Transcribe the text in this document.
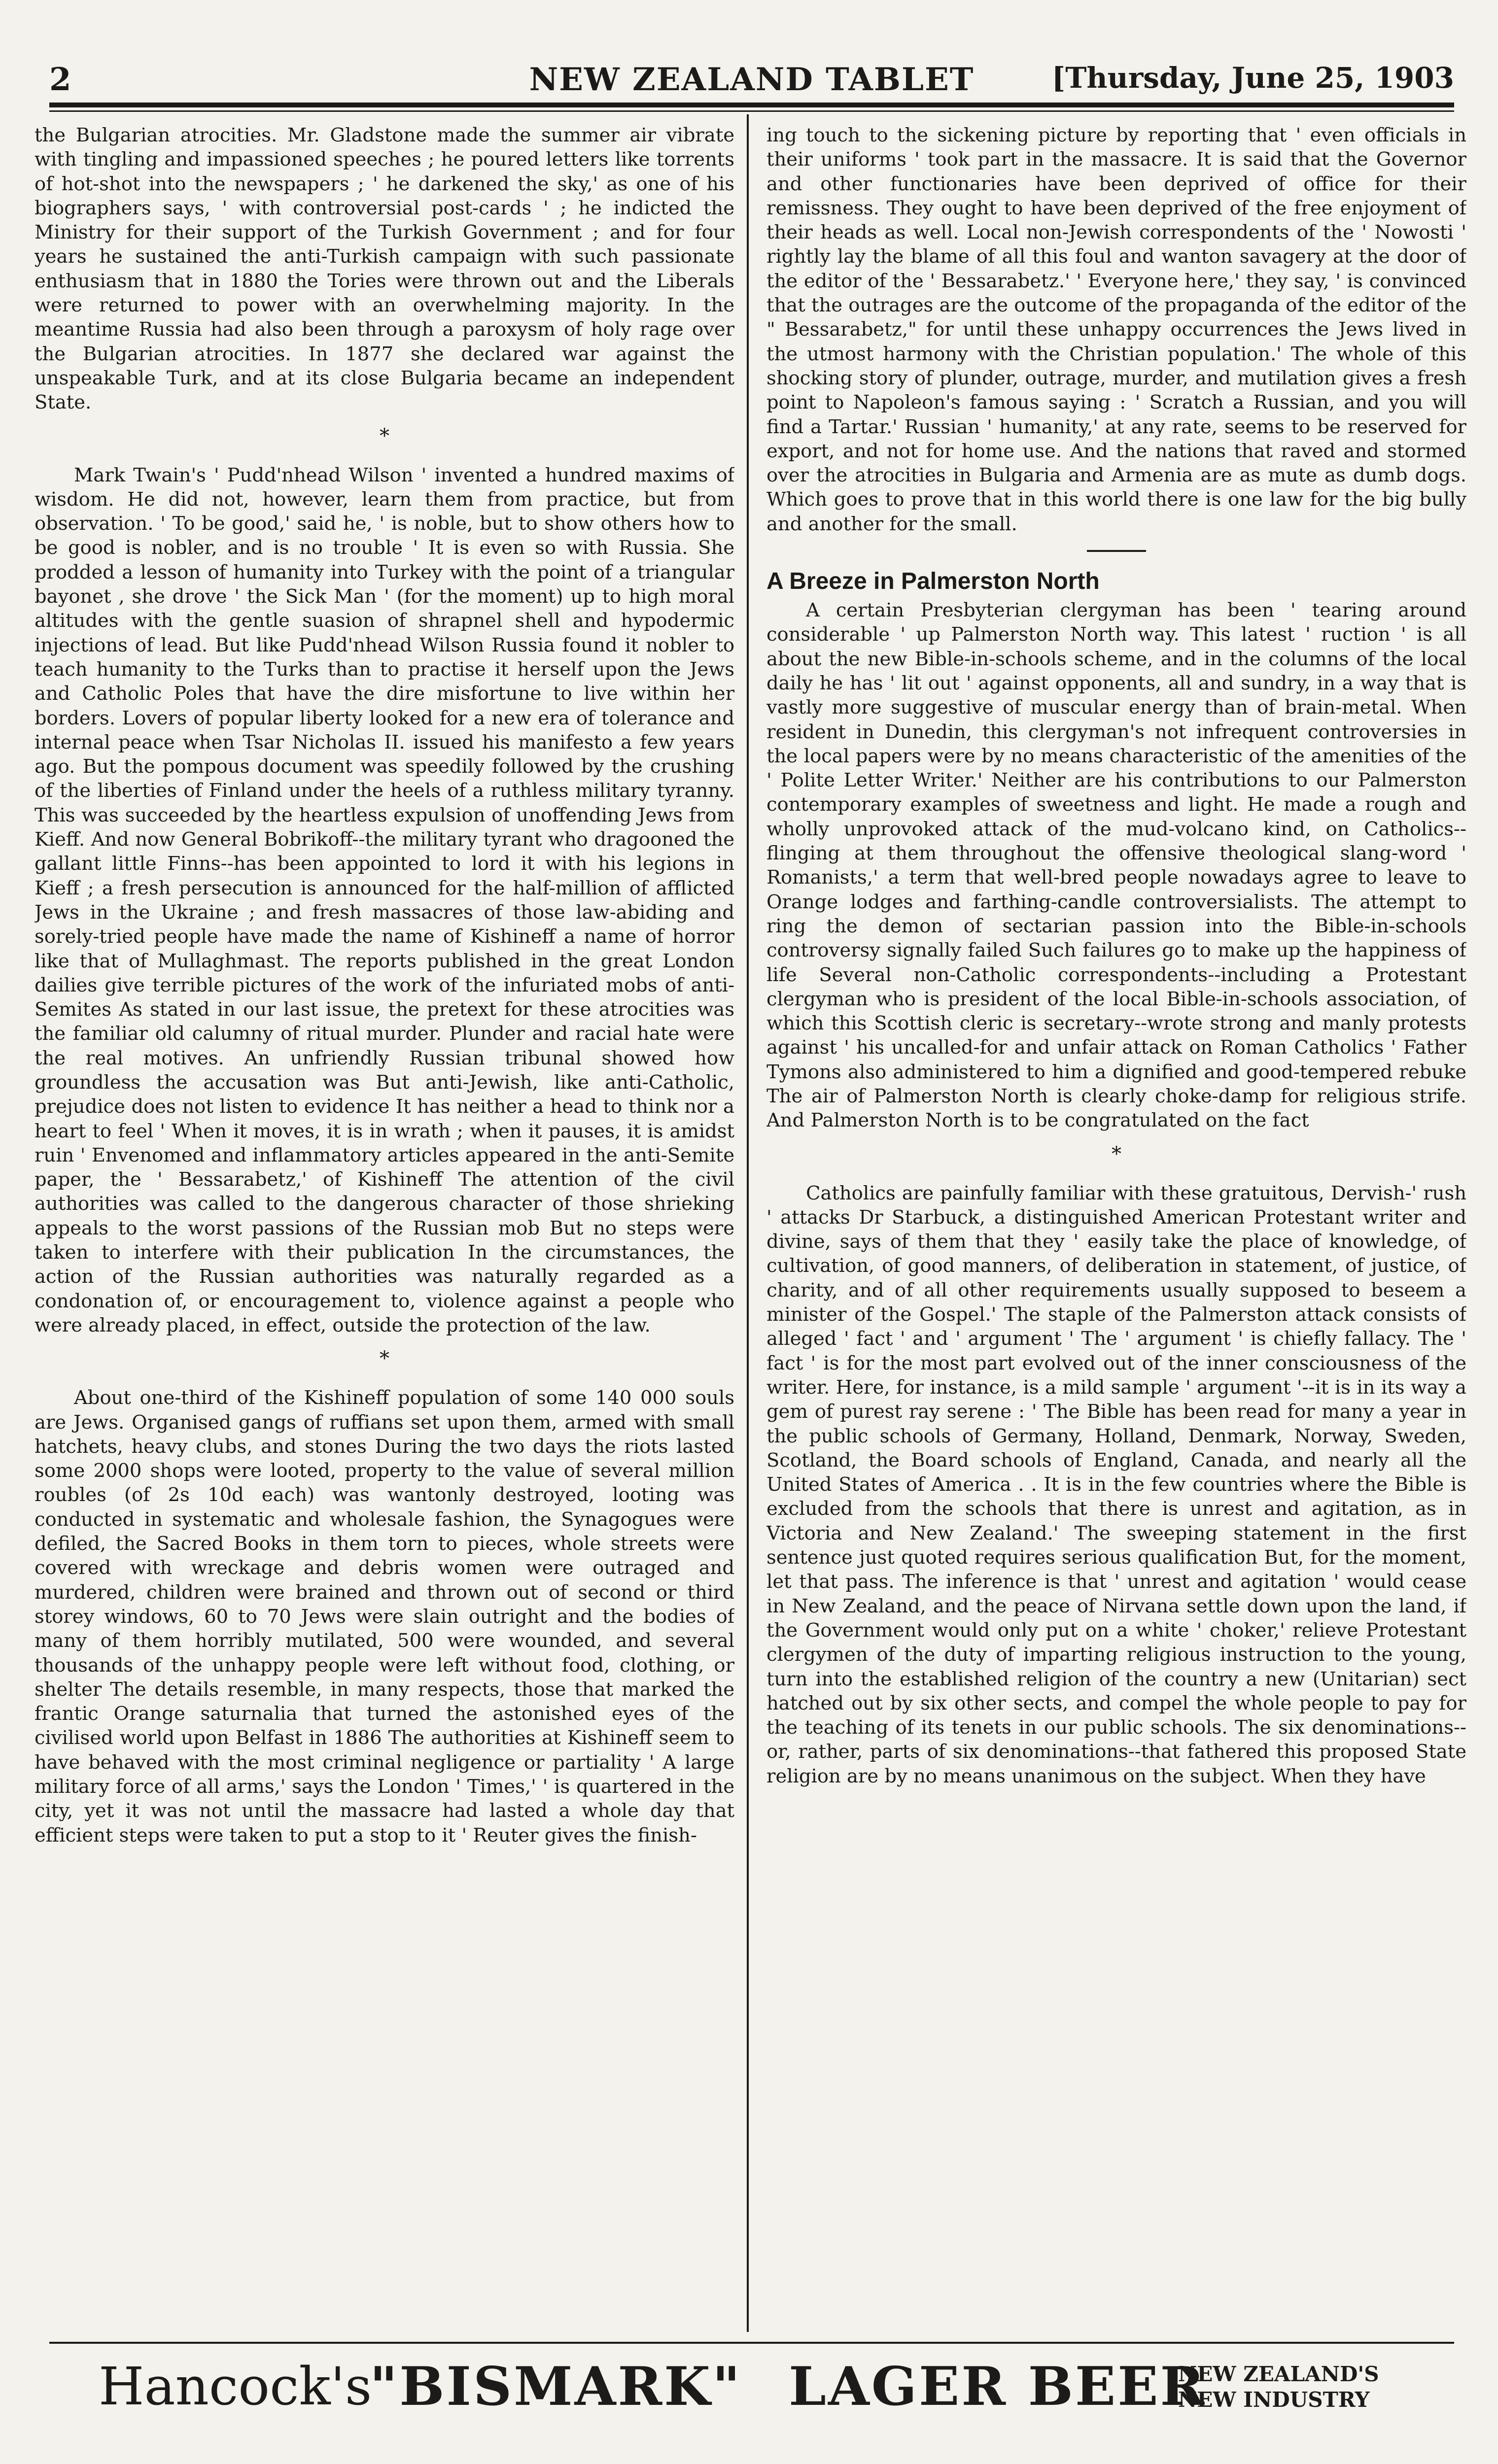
2	NEW ZEALAND TABLET	[Thursday, June 25, 1903

the Bulgarian atrocities. Mr. Gladstone made the summer air vibrate with tingling and impassioned speeches ; he poured letters like torrents of hot-shot into the newspapers ; ' he darkened the sky,' as one of his biographers says, ' with controversial post-cards ' ; he indicted the Ministry for their support of the Turkish Government ; and for four years he sustained the anti-Turkish campaign with such passionate enthusiasm that in 1880 the Tories were thrown out and the Liberals were returned to power with an overwhelming majority. In the meantime Russia had also been through a paroxysm of holy rage over the Bulgarian atrocities. In 1877 she declared war against the unspeakable Turk, and at its close Bulgaria became an independent State.

*

Mark Twain's ' Pudd'nhead Wilson ' invented a hundred maxims of wisdom. He did not, however, learn them from practice, but from observation. ' To be good,' said he, ' is noble, but to show others how to be good is nobler, and is no trouble ' It is even so with Russia. She prodded a lesson of humanity into Turkey with the point of a triangular bayonet , she drove ' the Sick Man ' (for the moment) up to high moral altitudes with the gentle suasion of shrapnel shell and hypodermic injections of lead. But like Pudd'nhead Wilson Russia found it nobler to teach humanity to the Turks than to practise it herself upon the Jews and Catholic Poles that have the dire misfortune to live within her borders. Lovers of popular liberty looked for a new era of tolerance and internal peace when Tsar Nicholas II. issued his manifesto a few years ago. But the pompous document was speedily followed by the crushing of the liberties of Finland under the heels of a ruthless military tyranny. This was succeeded by the heartless expulsion of unoffending Jews from Kieff. And now General Bobrikoff--the military tyrant who dragooned the gallant little Finns--has been appointed to lord it with his legions in Kieff ; a fresh persecution is announced for the half-million of afflicted Jews in the Ukraine ; and fresh massacres of those law-abiding and sorely-tried people have made the name of Kishineff a name of horror like that of Mullaghmast. The reports published in the great London dailies give terrible pictures of the work of the infuriated mobs of anti-Semites As stated in our last issue, the pretext for these atrocities was the familiar old calumny of ritual murder. Plunder and racial hate were the real motives. An unfriendly Russian tribunal showed how groundless the accusation was But anti-Jewish, like anti-Catholic, prejudice does not listen to evidence It has neither a head to think nor a heart to feel ' When it moves, it is in wrath ; when it pauses, it is amidst ruin ' Envenomed and inflammatory articles appeared in the anti-Semite paper, the ' Bessarabetz,' of Kishineff The attention of the civil authorities was called to the dangerous character of those shrieking appeals to the worst passions of the Russian mob But no steps were taken to interfere with their publication In the circumstances, the action of the Russian authorities was naturally regarded as a condonation of, or encouragement to, violence against a people who were already placed, in effect, outside the protection of the law.

*

About one-third of the Kishineff population of some 140 000 souls are Jews. Organised gangs of ruffians set upon them, armed with small hatchets, heavy clubs, and stones During the two days the riots lasted some 2000 shops were looted, property to the value of several million roubles (of 2s 10d each) was wantonly destroyed, looting was conducted in systematic and wholesale fashion, the Synagogues were defiled, the Sacred Books in them torn to pieces, whole streets were covered with wreckage and debris women were outraged and murdered, children were brained and thrown out of second or third storey windows, 60 to 70 Jews were slain outright and the bodies of many of them horribly mutilated, 500 were wounded, and several thousands of the unhappy people were left without food, clothing, or shelter The details resemble, in many respects, those that marked the frantic Orange saturnalia that turned the astonished eyes of the civilised world upon Belfast in 1886 The authorities at Kishineff seem to have behaved with the most criminal negligence or partiality ' A large military force of all arms,' says the London ' Times,' ' is quartered in the city, yet it was not until the massacre had lasted a whole day that efficient steps were taken to put a stop to it ' Reuter gives the finish-

ing touch to the sickening picture by reporting that ' even officials in their uniforms ' took part in the massacre. It is said that the Governor and other functionaries have been deprived of office for their remissness. They ought to have been deprived of the free enjoyment of their heads as well. Local non-Jewish correspondents of the ' Nowosti ' rightly lay the blame of all this foul and wanton savagery at the door of the editor of the ' Bessarabetz.' ' Everyone here,' they say, ' is convinced that the outrages are the outcome of the propaganda of the editor of the " Bessarabetz," for until these unhappy occurrences the Jews lived in the utmost harmony with the Christian population.' The whole of this shocking story of plunder, outrage, murder, and mutilation gives a fresh point to Napoleon's famous saying : ' Scratch a Russian, and you will find a Tartar.' Russian ' humanity,' at any rate, seems to be reserved for export, and not for home use. And the nations that raved and stormed over the atrocities in Bulgaria and Armenia are as mute as dumb dogs. Which goes to prove that in this world there is one law for the big bully and another for the small.

A Breeze in Palmerston North

A certain Presbyterian clergyman has been ' tearing around considerable ' up Palmerston North way. This latest ' ruction ' is all about the new Bible-in-schools scheme, and in the columns of the local daily he has ' lit out ' against opponents, all and sundry, in a way that is vastly more suggestive of muscular energy than of brain-metal. When resident in Dunedin, this clergyman's not infrequent controversies in the local papers were by no means characteristic of the amenities of the ' Polite Letter Writer.' Neither are his contributions to our Palmerston contemporary examples of sweetness and light. He made a rough and wholly unprovoked attack of the mud-volcano kind, on Catholics--flinging at them throughout the offensive theological slang-word ' Romanists,' a term that well-bred people nowadays agree to leave to Orange lodges and farthing-candle controversialists. The attempt to ring the demon of sectarian passion into the Bible-in-schools controversy signally failed Such failures go to make up the happiness of life Several non-Catholic correspondents--including a Protestant clergyman who is president of the local Bible-in-schools association, of which this Scottish cleric is secretary--wrote strong and manly protests against ' his uncalled-for and unfair attack on Roman Catholics ' Father Tymons also administered to him a dignified and good-tempered rebuke The air of Palmerston North is clearly choke-damp for religious strife. And Palmerston North is to be congratulated on the fact

*

Catholics are painfully familiar with these gratuitous, Dervish-' rush ' attacks Dr Starbuck, a distinguished American Protestant writer and divine, says of them that they ' easily take the place of knowledge, of cultivation, of good manners, of deliberation in statement, of justice, of charity, and of all other requirements usually supposed to beseem a minister of the Gospel.' The staple of the Palmerston attack consists of alleged ' fact ' and ' argument ' The ' argument ' is chiefly fallacy. The ' fact ' is for the most part evolved out of the inner consciousness of the writer. Here, for instance, is a mild sample ' argument '--it is in its way a gem of purest ray serene : ' The Bible has been read for many a year in the public schools of Germany, Holland, Denmark, Norway, Sweden, Scotland, the Board schools of England, Canada, and nearly all the United States of America . . It is in the few countries where the Bible is excluded from the schools that there is unrest and agitation, as in Victoria and New Zealand.' The sweeping statement in the first sentence just quoted requires serious qualification But, for the moment, let that pass. The inference is that ' unrest and agitation ' would cease in New Zealand, and the peace of Nirvana settle down upon the land, if the Government would only put on a white ' choker,' relieve Protestant clergymen of the duty of imparting religious instruction to the young, turn into the established religion of the country a new (Unitarian) sect hatched out by six other sects, and compel the whole people to pay for the teaching of its tenets in our public schools. The six denominations--or, rather, parts of six denominations--that fathered this proposed State religion are by no means unanimous on the subject. When they have

Hancock's
"BISMARK" LAGER BEER
NEW ZEALAND'S
NEW INDUSTRY
